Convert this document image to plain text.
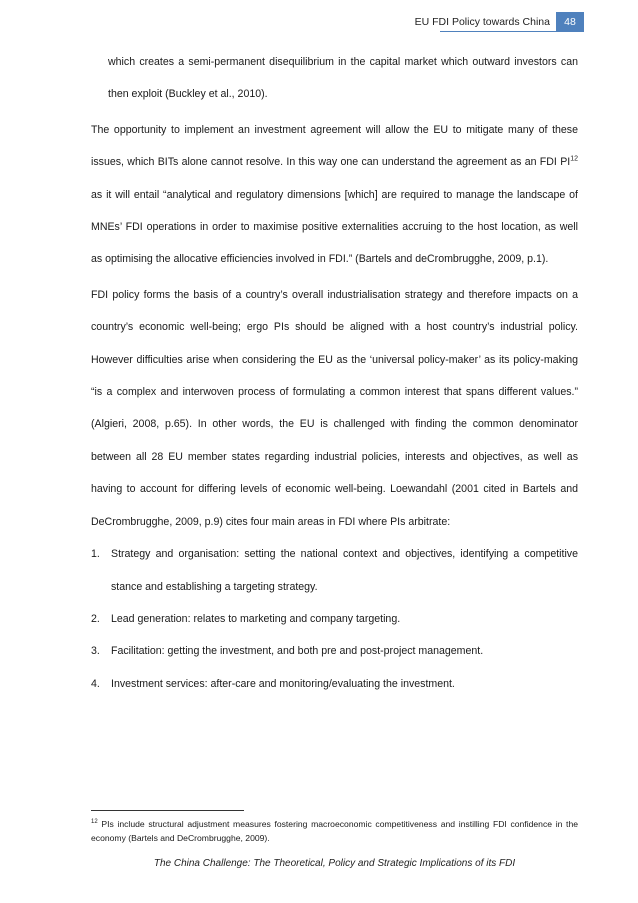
EU FDI Policy towards China	48

which creates a semi-permanent disequilibrium in the capital market which outward investors can then exploit (Buckley et al., 2010).

The opportunity to implement an investment agreement will allow the EU to mitigate many of these issues, which BITs alone cannot resolve. In this way one can understand the agreement as an FDI PI$^{12}$ as it will entail “analytical and regulatory dimensions [which] are required to manage the landscape of MNEs’ FDI operations in order to maximise positive externalities accruing to the host location, as well as optimising the allocative efficiencies involved in FDI.” (Bartels and deCrombrugghe, 2009, p.1).

FDI policy forms the basis of a country’s overall industrialisation strategy and therefore impacts on a country’s economic well-being; ergo PIs should be aligned with a host country’s industrial policy. However difficulties arise when considering the EU as the ‘universal policy-maker’ as its policy-making “is a complex and interwoven process of formulating a common interest that spans different values.” (Algieri, 2008, p.65). In other words, the EU is challenged with finding the common denominator between all 28 EU member states regarding industrial policies, interests and objectives, as well as having to account for differing levels of economic well-being. Loewandahl (2001 cited in Bartels and DeCrombrugghe, 2009, p.9) cites four main areas in FDI where PIs arbitrate:

1. Strategy and organisation: setting the national context and objectives, identifying a competitive stance and establishing a targeting strategy.
2. Lead generation: relates to marketing and company targeting.
3. Facilitation: getting the investment, and both pre and post-project management.
4. Investment services: after-care and monitoring/evaluating the investment.
$^{12}$ PIs include structural adjustment measures fostering macroeconomic competitiveness and instilling FDI confidence in the economy (Bartels and DeCrombrugghe, 2009).
The China Challenge: The Theoretical, Policy and Strategic Implications of its FDI
